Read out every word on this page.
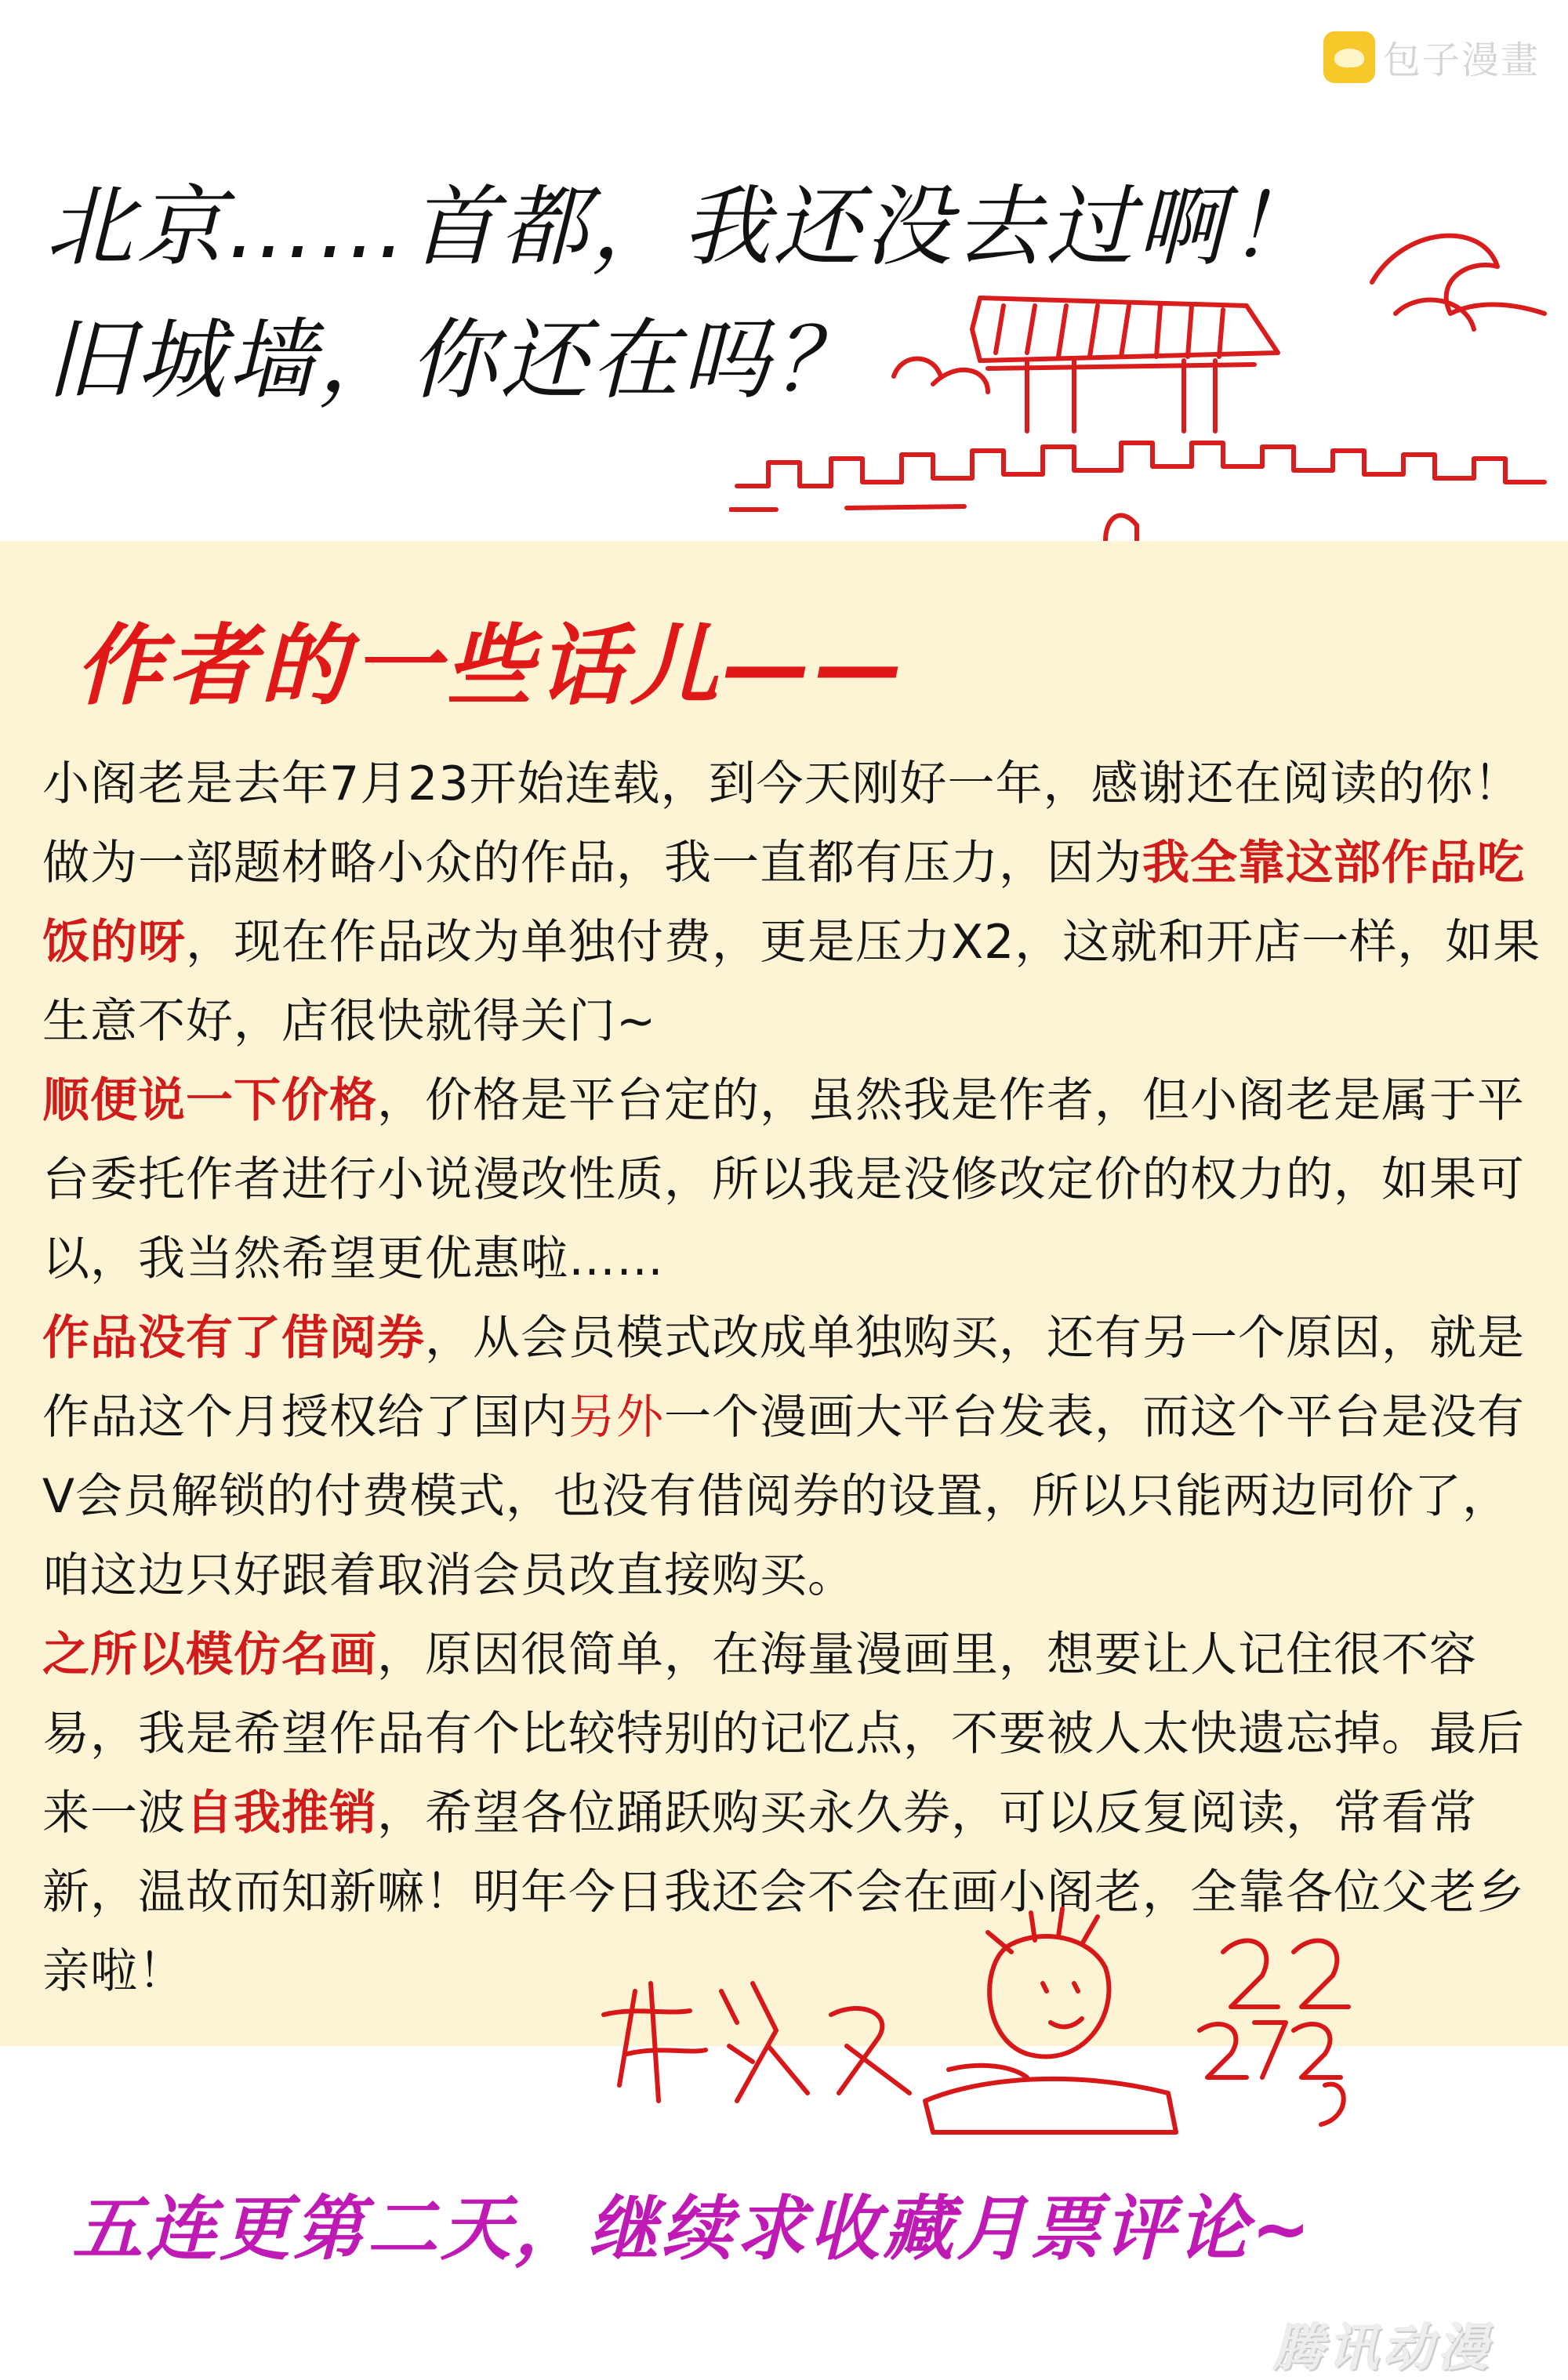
包子漫畫
北京……首都，我还没去过啊！
旧城墙，你还在吗？
作者的一些话儿——

小阁老是去年7月23开始连载，到今天刚好一年，感谢还在阅读的你！做为一部题材略小众的作品，我一直都有压力，因为我全靠这部作品吃饭的呀，现在作品改为单独付费，更是压力X2，这就和开店一样，如果生意不好，店很快就得关门~

顺便说一下价格，价格是平台定的，虽然我是作者，但小阁老是属于平台委托作者进行小说漫改性质，所以我是没修改定价的权力的，如果可以，我当然希望更优惠啦……

作品没有了借阅券，从会员模式改成单独购买，还有另一个原因，就是作品这个月授权给了国内另外一个漫画大平台发表，而这个平台是没有V会员解锁的付费模式，也没有借阅券的设置，所以只能两边同价了，咱这边只好跟着取消会员改直接购买。

之所以模仿名画，原因很简单，在海量漫画里，想要让人记住很不容易，我是希望作品有个比较特别的记忆点，不要被人太快遗忘掉。最后来一波自我推销，希望各位踊跃购买永久券，可以反复阅读，常看常新，温故而知新嘛！明年今日我还会不会在画小阁老，全靠各位父老乡亲啦！

五连更第二天，继续求收藏月票评论~
腾讯动漫
